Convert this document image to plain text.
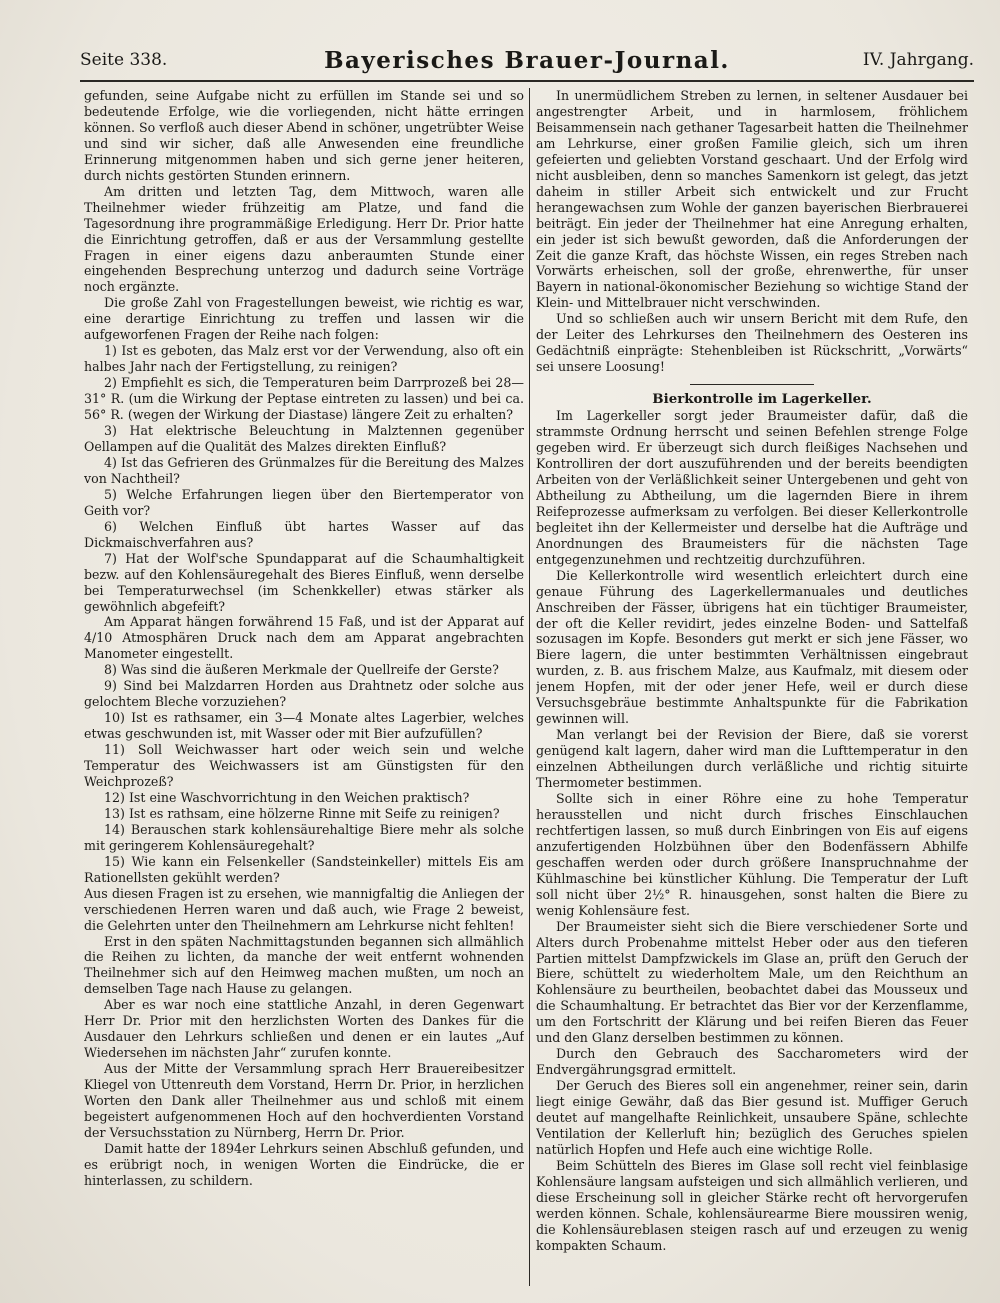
Seite 338.	Bayerisches Brauer-Journal.	IV. Jahrgang.

gefunden, seine Aufgabe nicht zu erfüllen im Stande sei und so bedeutende Erfolge, wie die vorliegenden, nicht hätte erringen können. So verfloß auch dieser Abend in schöner, ungetrübter Weise und sind wir sicher, daß alle Anwesenden eine freundliche Erinnerung mitgenommen haben und sich gerne jener heiteren, durch nichts gestörten Stunden erinnern.

Am dritten und letzten Tag, dem Mittwoch, waren alle Theilnehmer wieder frühzeitig am Platze, und fand die Tagesordnung ihre programmäßige Erledigung. Herr Dr. Prior hatte die Einrichtung getroffen, daß er aus der Versammlung gestellte Fragen in einer eigens dazu anberaumten Stunde einer eingehenden Besprechung unterzog und dadurch seine Vorträge noch ergänzte.

Die große Zahl von Fragestellungen beweist, wie richtig es war, eine derartige Einrichtung zu treffen und lassen wir die aufgeworfenen Fragen der Reihe nach folgen:

1) Ist es geboten, das Malz erst vor der Verwendung, also oft ein halbes Jahr nach der Fertigstellung, zu reinigen?

2) Empfiehlt es sich, die Temperaturen beim Darrprozeß bei 28—31° R. (um die Wirkung der Peptase eintreten zu lassen) und bei ca. 56° R. (wegen der Wirkung der Diastase) längere Zeit zu erhalten?

3) Hat elektrische Beleuchtung in Malztennen gegenüber Oellampen auf die Qualität des Malzes direkten Einfluß?

4) Ist das Gefrieren des Grünmalzes für die Bereitung des Malzes von Nachtheil?

5) Welche Erfahrungen liegen über den Biertemperator von Geith vor?

6) Welchen Einfluß übt hartes Wasser auf das Dickmaischverfahren aus?

7) Hat der Wolf'sche Spundapparat auf die Schaumhaltigkeit bezw. auf den Kohlensäuregehalt des Bieres Einfluß, wenn derselbe bei Temperaturwechsel (im Schenkkeller) etwas stärker als gewöhnlich abgefeift?

Am Apparat hängen forwährend 15 Faß, und ist der Apparat auf 4/10 Atmosphären Druck nach dem am Apparat angebrachten Manometer eingestellt.

8) Was sind die äußeren Merkmale der Quellreife der Gerste?

9) Sind bei Malzdarren Horden aus Drahtnetz oder solche aus gelochtem Bleche vorzuziehen?

10) Ist es rathsamer, ein 3—4 Monate altes Lagerbier, welches etwas geschwunden ist, mit Wasser oder mit Bier aufzufüllen?

11) Soll Weichwasser hart oder weich sein und welche Temperatur des Weichwassers ist am Günstigsten für den Weichprozeß?

12) Ist eine Waschvorrichtung in den Weichen praktisch?

13) Ist es rathsam, eine hölzerne Rinne mit Seife zu reinigen?

14) Berauschen stark kohlensäurehaltige Biere mehr als solche mit geringerem Kohlensäuregehalt?

15) Wie kann ein Felsenkeller (Sandsteinkeller) mittels Eis am Rationellsten gekühlt werden?

Aus diesen Fragen ist zu ersehen, wie mannigfaltig die Anliegen der verschiedenen Herren waren und daß auch, wie Frage 2 beweist, die Gelehrten unter den Theilnehmern am Lehrkurse nicht fehlten!

Erst in den späten Nachmittagstunden begannen sich allmählich die Reihen zu lichten, da manche der weit entfernt wohnenden Theilnehmer sich auf den Heimweg machen mußten, um noch an demselben Tage nach Hause zu gelangen.

Aber es war noch eine stattliche Anzahl, in deren Gegenwart Herr Dr. Prior mit den herzlichsten Worten des Dankes für die Ausdauer den Lehrkurs schließen und denen er ein lautes „Auf Wiedersehen im nächsten Jahr“ zurufen konnte.

Aus der Mitte der Versammlung sprach Herr Brauereibesitzer Kliegel von Uttenreuth dem Vorstand, Herrn Dr. Prior, in herzlichen Worten den Dank aller Theilnehmer aus und schloß mit einem begeistert aufgenommenen Hoch auf den hochverdienten Vorstand der Versuchsstation zu Nürnberg, Herrn Dr. Prior.

Damit hatte der 1894er Lehrkurs seinen Abschluß gefunden, und es erübrigt noch, in wenigen Worten die Eindrücke, die er hinterlassen, zu schildern.

In unermüdlichem Streben zu lernen, in seltener Ausdauer bei angestrengter Arbeit, und in harmlosem, fröhlichem Beisammensein nach gethaner Tagesarbeit hatten die Theilnehmer am Lehrkurse, einer großen Familie gleich, sich um ihren gefeierten und geliebten Vorstand geschaart. Und der Erfolg wird nicht ausbleiben, denn so manches Samenkorn ist gelegt, das jetzt daheim in stiller Arbeit sich entwickelt und zur Frucht herangewachsen zum Wohle der ganzen bayerischen Bierbrauerei beiträgt. Ein jeder der Theilnehmer hat eine Anregung erhalten, ein jeder ist sich bewußt geworden, daß die Anforderungen der Zeit die ganze Kraft, das höchste Wissen, ein reges Streben nach Vorwärts erheischen, soll der große, ehrenwerthe, für unser Bayern in national-ökonomischer Beziehung so wichtige Stand der Klein- und Mittelbrauer nicht verschwinden.

Und so schließen auch wir unsern Bericht mit dem Rufe, den der Leiter des Lehrkurses den Theilnehmern des Oesteren ins Gedächtniß einprägte: Stehenbleiben ist Rückschritt, „Vorwärts“ sei unsere Loosung!

Bierkontrolle im Lagerkeller.

Im Lagerkeller sorgt jeder Braumeister dafür, daß die strammste Ordnung herrscht und seinen Befehlen strenge Folge gegeben wird. Er überzeugt sich durch fleißiges Nachsehen und Kontrolliren der dort auszuführenden und der bereits beendigten Arbeiten von der Verläßlichkeit seiner Untergebenen und geht von Abtheilung zu Abtheilung, um die lagernden Biere in ihrem Reifeprozesse aufmerksam zu verfolgen. Bei dieser Kellerkontrolle begleitet ihn der Kellermeister und derselbe hat die Aufträge und Anordnungen des Braumeisters für die nächsten Tage entgegenzunehmen und rechtzeitig durchzuführen.

Die Kellerkontrolle wird wesentlich erleichtert durch eine genaue Führung des Lagerkellermanuales und deutliches Anschreiben der Fässer, übrigens hat ein tüchtiger Braumeister, der oft die Keller revidirt, jedes einzelne Boden- und Sattelfaß sozusagen im Kopfe. Besonders gut merkt er sich jene Fässer, wo Biere lagern, die unter bestimmten Verhältnissen eingebraut wurden, z. B. aus frischem Malze, aus Kaufmalz, mit diesem oder jenem Hopfen, mit der oder jener Hefe, weil er durch diese Versuchsgebräue bestimmte Anhaltspunkte für die Fabrikation gewinnen will.

Man verlangt bei der Revision der Biere, daß sie vorerst genügend kalt lagern, daher wird man die Lufttemperatur in den einzelnen Abtheilungen durch verläßliche und richtig situirte Thermometer bestimmen.

Sollte sich in einer Röhre eine zu hohe Temperatur herausstellen und nicht durch frisches Einschlauchen rechtfertigen lassen, so muß durch Einbringen von Eis auf eigens anzufertigenden Holzbühnen über den Bodenfässern Abhilfe geschaffen werden oder durch größere Inanspruchnahme der Kühlmaschine bei künstlicher Kühlung. Die Temperatur der Luft soll nicht über 2½° R. hinausgehen, sonst halten die Biere zu wenig Kohlensäure fest.

Der Braumeister sieht sich die Biere verschiedener Sorte und Alters durch Probenahme mittelst Heber oder aus den tieferen Partien mittelst Dampfzwickels im Glase an, prüft den Geruch der Biere, schüttelt zu wiederholtem Male, um den Reichthum an Kohlensäure zu beurtheilen, beobachtet dabei das Mousseux und die Schaumhaltung. Er betrachtet das Bier vor der Kerzenflamme, um den Fortschritt der Klärung und bei reifen Bieren das Feuer und den Glanz derselben bestimmen zu können.

Durch den Gebrauch des Saccharometers wird der Endvergährungsgrad ermittelt.

Der Geruch des Bieres soll ein angenehmer, reiner sein, darin liegt einige Gewähr, daß das Bier gesund ist. Muffiger Geruch deutet auf mangelhafte Reinlichkeit, unsaubere Späne, schlechte Ventilation der Kellerluft hin; bezüglich des Geruches spielen natürlich Hopfen und Hefe auch eine wichtige Rolle.

Beim Schütteln des Bieres im Glase soll recht viel feinblasige Kohlensäure langsam aufsteigen und sich allmählich verlieren, und diese Erscheinung soll in gleicher Stärke recht oft hervorgerufen werden können. Schale, kohlensäurearme Biere moussiren wenig, die Kohlensäureblasen steigen rasch auf und erzeugen zu wenig kompakten Schaum.
